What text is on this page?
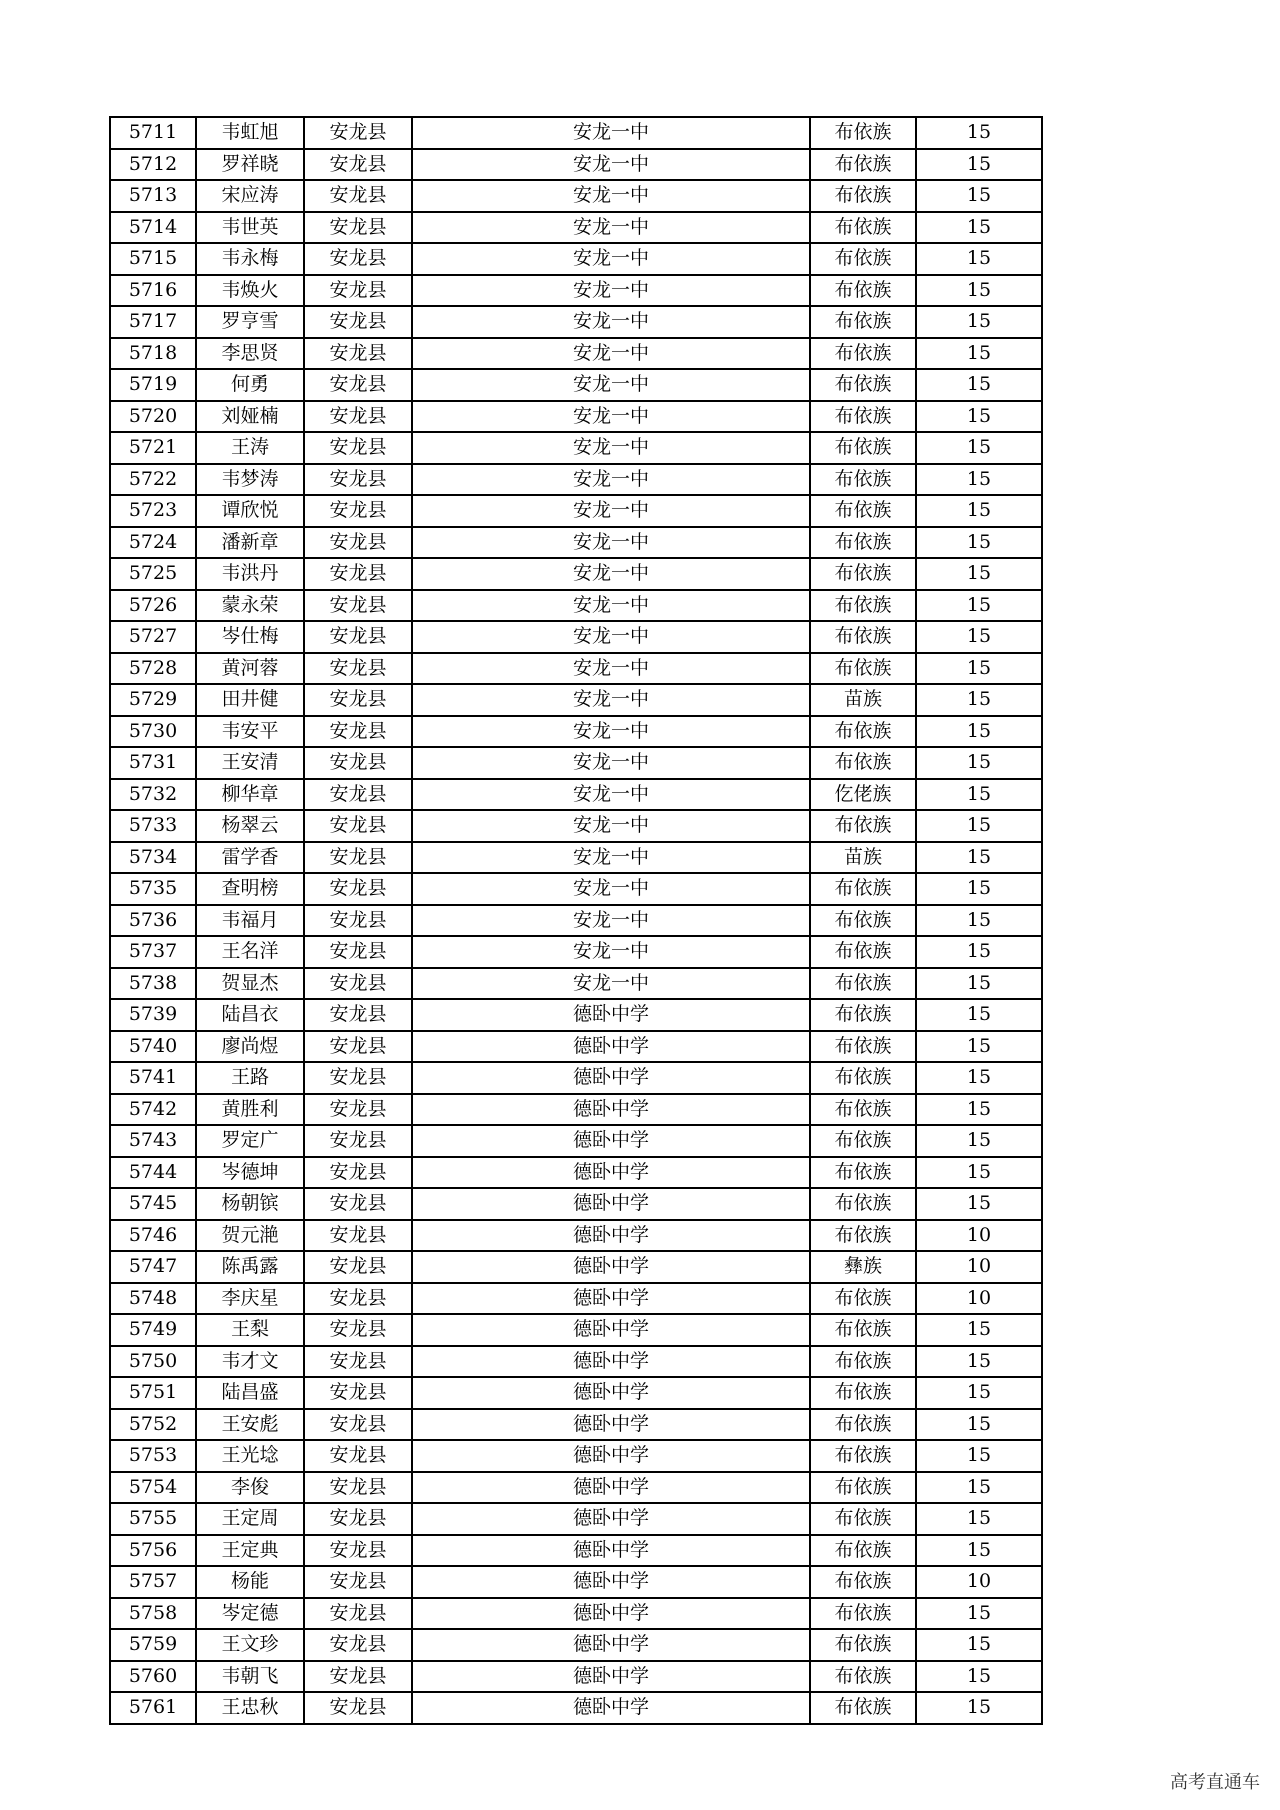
5711	韦虹旭	安龙县	安龙一中	布依族	15
5712	罗祥晓	安龙县	安龙一中	布依族	15
5713	宋应涛	安龙县	安龙一中	布依族	15
5714	韦世英	安龙县	安龙一中	布依族	15
5715	韦永梅	安龙县	安龙一中	布依族	15
5716	韦焕火	安龙县	安龙一中	布依族	15
5717	罗亨雪	安龙县	安龙一中	布依族	15
5718	李思贤	安龙县	安龙一中	布依族	15
5719	何勇	安龙县	安龙一中	布依族	15
5720	刘娅楠	安龙县	安龙一中	布依族	15
5721	王涛	安龙县	安龙一中	布依族	15
5722	韦梦涛	安龙县	安龙一中	布依族	15
5723	谭欣悦	安龙县	安龙一中	布依族	15
5724	潘新章	安龙县	安龙一中	布依族	15
5725	韦洪丹	安龙县	安龙一中	布依族	15
5726	蒙永荣	安龙县	安龙一中	布依族	15
5727	岑仕梅	安龙县	安龙一中	布依族	15
5728	黄河蓉	安龙县	安龙一中	布依族	15
5729	田井健	安龙县	安龙一中	苗族	15
5730	韦安平	安龙县	安龙一中	布依族	15
5731	王安清	安龙县	安龙一中	布依族	15
5732	柳华章	安龙县	安龙一中	仡佬族	15
5733	杨翠云	安龙县	安龙一中	布依族	15
5734	雷学香	安龙县	安龙一中	苗族	15
5735	查明榜	安龙县	安龙一中	布依族	15
5736	韦福月	安龙县	安龙一中	布依族	15
5737	王名洋	安龙县	安龙一中	布依族	15
5738	贺显杰	安龙县	安龙一中	布依族	15
5739	陆昌衣	安龙县	德卧中学	布依族	15
5740	廖尚煜	安龙县	德卧中学	布依族	15
5741	王路	安龙县	德卧中学	布依族	15
5742	黄胜利	安龙县	德卧中学	布依族	15
5743	罗定广	安龙县	德卧中学	布依族	15
5744	岑德坤	安龙县	德卧中学	布依族	15
5745	杨朝镔	安龙县	德卧中学	布依族	15
5746	贺元滟	安龙县	德卧中学	布依族	10
5747	陈禹露	安龙县	德卧中学	彝族	10
5748	李庆星	安龙县	德卧中学	布依族	10
5749	王梨	安龙县	德卧中学	布依族	15
5750	韦才文	安龙县	德卧中学	布依族	15
5751	陆昌盛	安龙县	德卧中学	布依族	15
5752	王安彪	安龙县	德卧中学	布依族	15
5753	王光埝	安龙县	德卧中学	布依族	15
5754	李俊	安龙县	德卧中学	布依族	15
5755	王定周	安龙县	德卧中学	布依族	15
5756	王定典	安龙县	德卧中学	布依族	15
5757	杨能	安龙县	德卧中学	布依族	10
5758	岑定德	安龙县	德卧中学	布依族	15
5759	王文珍	安龙县	德卧中学	布依族	15
5760	韦朝飞	安龙县	德卧中学	布依族	15
5761	王忠秋	安龙县	德卧中学	布依族	15
高考直通车
